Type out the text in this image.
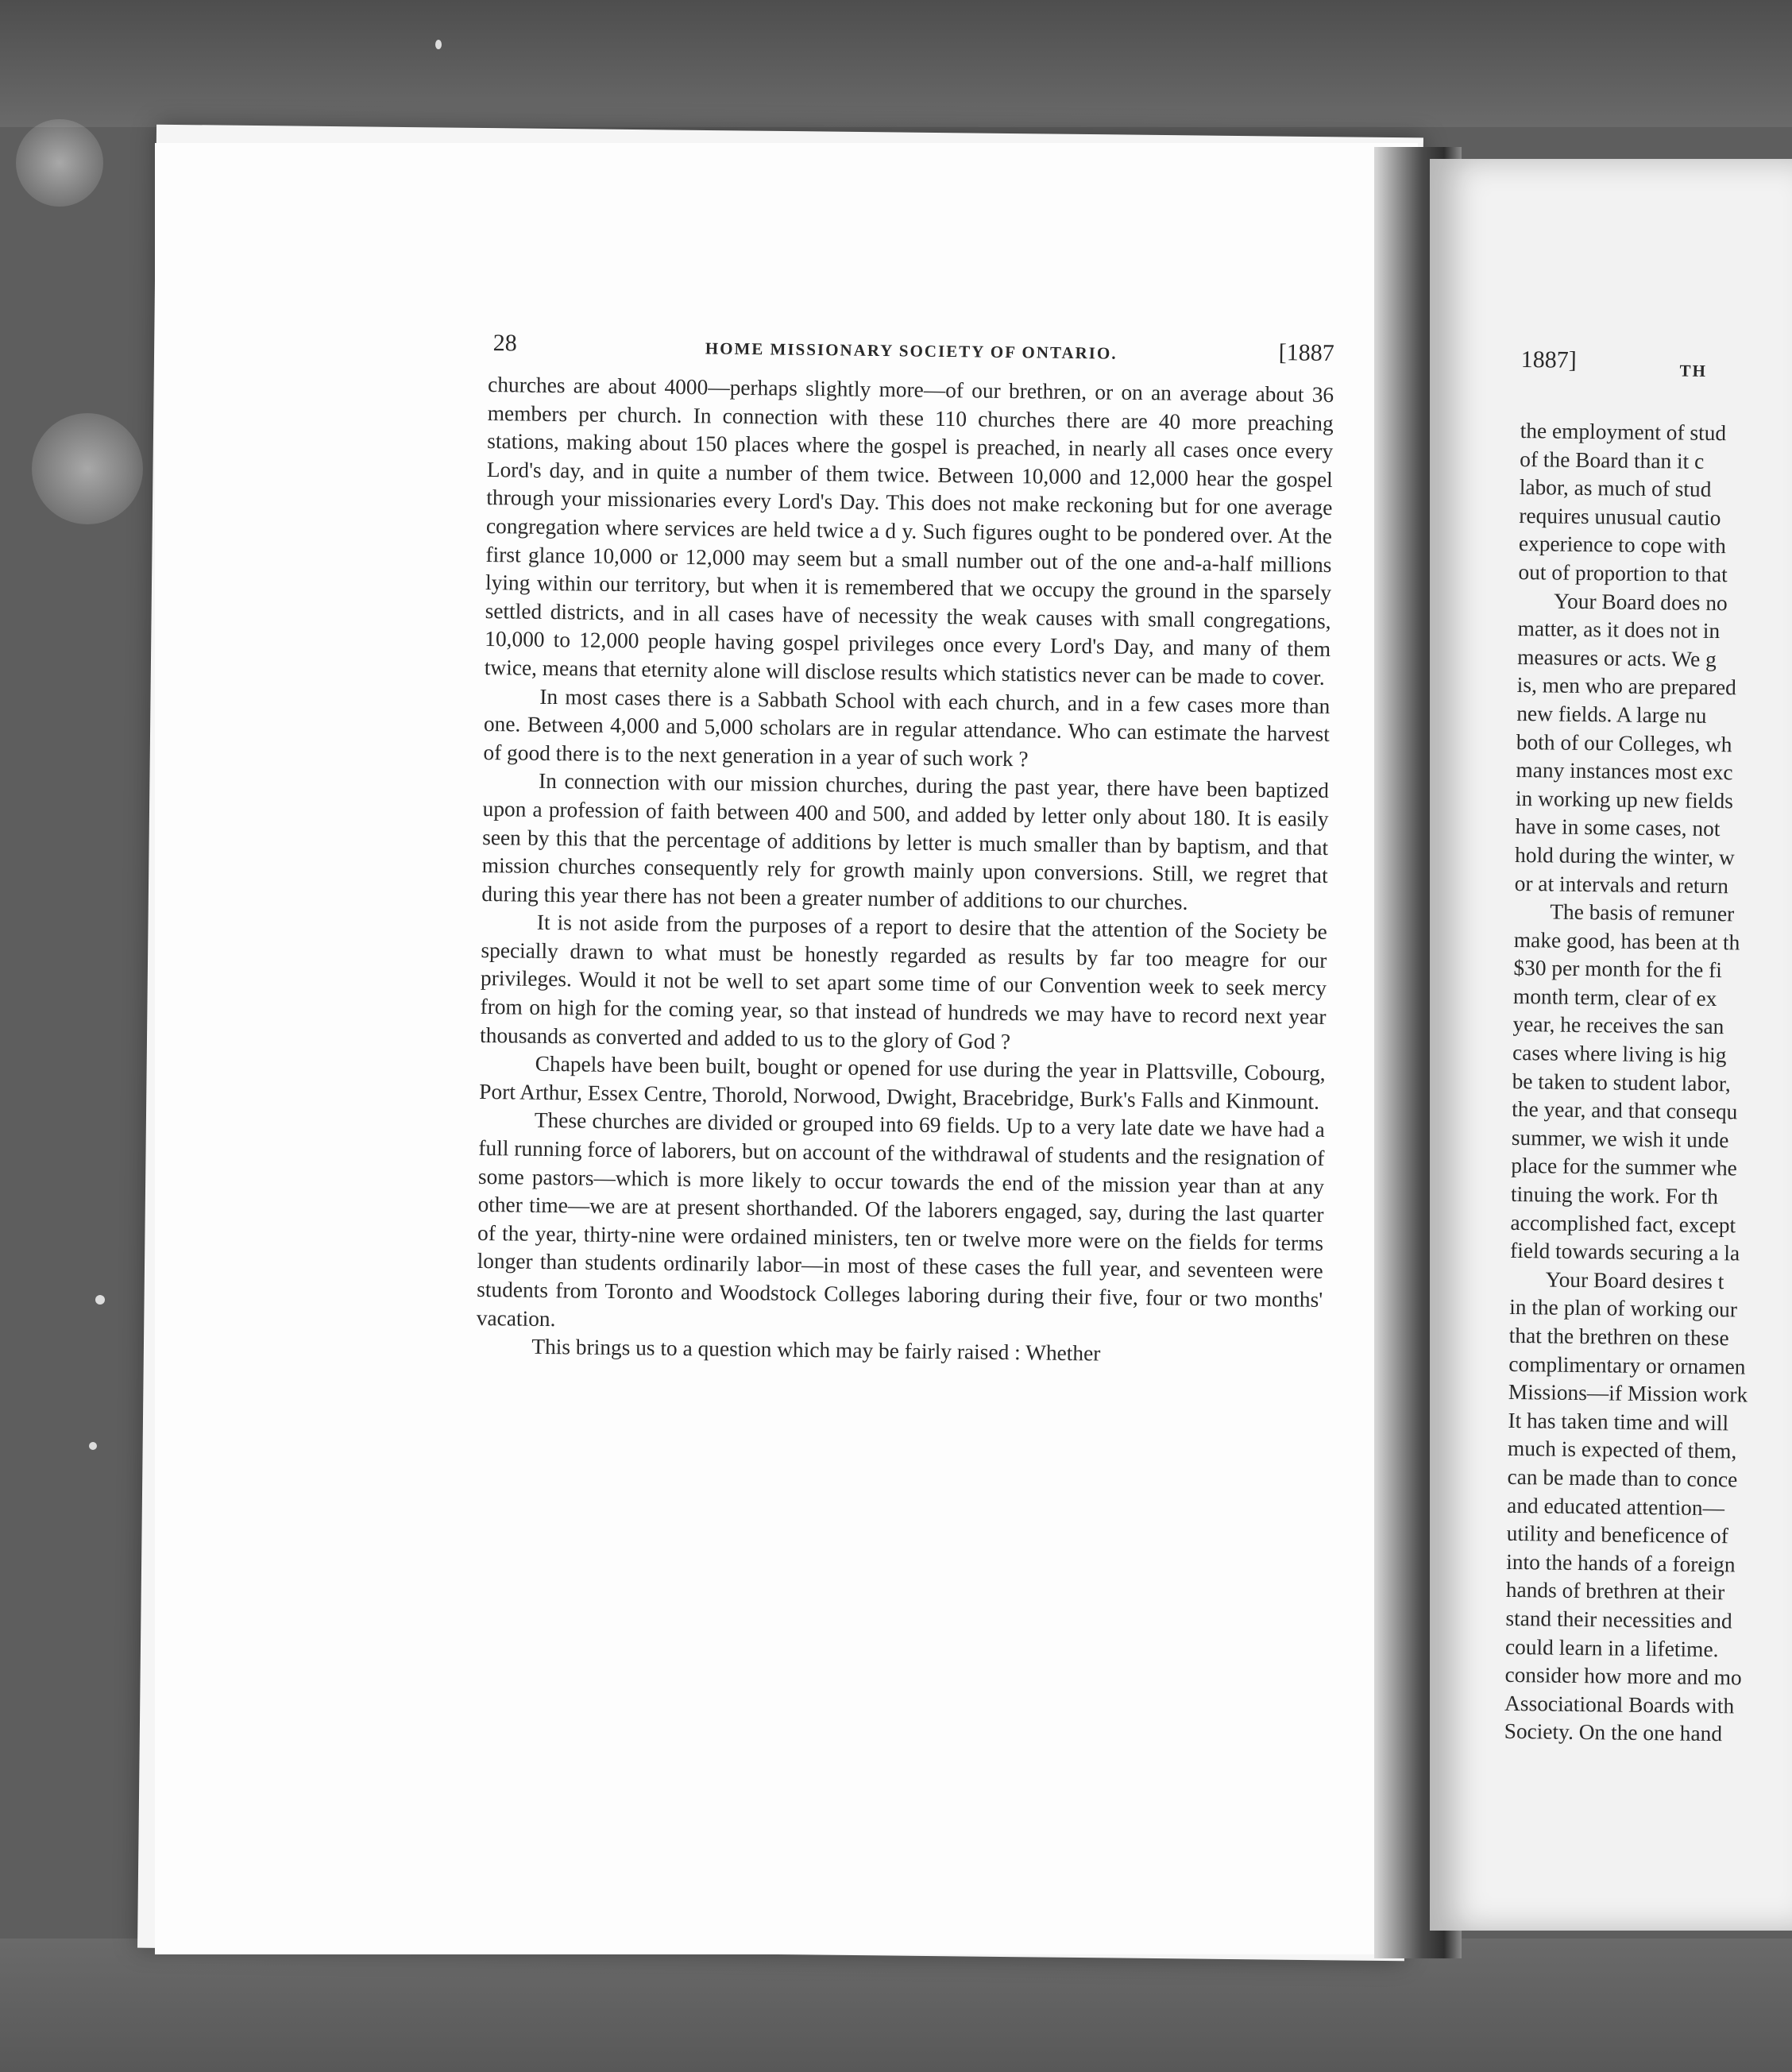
1887]	TH
the employment of stud
of the Board than it c
labor, as much of stud
requires unusual cautio
experience to cope with
out of proportion to that
Your Board does no
matter, as it does not in
measures or acts. We g
is, men who are prepared
new fields. A large nu
both of our Colleges, wh
many instances most exc
in working up new fields
have in some cases, not
hold during the winter, w
or at intervals and return
The basis of remuner
make good, has been at th
$30 per month for the fi
month term, clear of ex
year, he receives the san
cases where living is hig
be taken to student labor,
the year, and that consequ
summer, we wish it unde
place for the summer whe
tinuing the work. For th
accomplished fact, except
field towards securing a la
Your Board desires t
in the plan of working our
that the brethren on these
complimentary or ornamen
Missions—if Mission work
It has taken time and will
much is expected of them,
can be made than to conce
and educated attention—
utility and beneficence of
into the hands of a foreign
hands of brethren at their
stand their necessities and
could learn in a lifetime.
consider how more and mo
Associational Boards with
Society. On the one hand
28	HOME MISSIONARY SOCIETY OF ONTARIO.	[1887

churches are about 4000—perhaps slightly more—of our brethren, or on an average about 36 members per church. In connection with these 110 churches there are 40 more preaching stations, making about 150 places where the gospel is preached, in nearly all cases once every Lord's day, and in quite a number of them twice. Between 10,000 and 12,000 hear the gospel through your missionaries every Lord's Day. This does not make reckoning but for one average congregation where services are held twice a d y. Such figures ought to be pondered over. At the first glance 10,000 or 12,000 may seem but a small number out of the one and-a-half millions lying within our territory, but when it is remembered that we occupy the ground in the sparsely settled districts, and in all cases have of necessity the weak causes with small congregations, 10,000 to 12,000 people having gospel privileges once every Lord's Day, and many of them twice, means that eternity alone will disclose results which statistics never can be made to cover.

In most cases there is a Sabbath School with each church, and in a few cases more than one. Between 4,000 and 5,000 scholars are in regular attendance. Who can estimate the harvest of good there is to the next generation in a year of such work ?

In connection with our mission churches, during the past year, there have been baptized upon a profession of faith between 400 and 500, and added by letter only about 180. It is easily seen by this that the percentage of additions by letter is much smaller than by baptism, and that mission churches consequently rely for growth mainly upon conversions. Still, we regret that during this year there has not been a greater number of additions to our churches.

It is not aside from the purposes of a report to desire that the attention of the Society be specially drawn to what must be honestly regarded as results by far too meagre for our privileges. Would it not be well to set apart some time of our Convention week to seek mercy from on high for the coming year, so that instead of hundreds we may have to record next year thousands as converted and added to us to the glory of God ?

Chapels have been built, bought or opened for use during the year in Plattsville, Cobourg, Port Arthur, Essex Centre, Thorold, Norwood, Dwight, Bracebridge, Burk's Falls and Kinmount.

These churches are divided or grouped into 69 fields. Up to a very late date we have had a full running force of laborers, but on account of the withdrawal of students and the resignation of some pastors—which is more likely to occur towards the end of the mission year than at any other time—we are at present shorthanded. Of the laborers engaged, say, during the last quarter of the year, thirty-nine were ordained ministers, ten or twelve more were on the fields for terms longer than students ordinarily labor—in most of these cases the full year, and seventeen were students from Toronto and Woodstock Colleges laboring during their five, four or two months' vacation.

This brings us to a question which may be fairly raised : Whether
